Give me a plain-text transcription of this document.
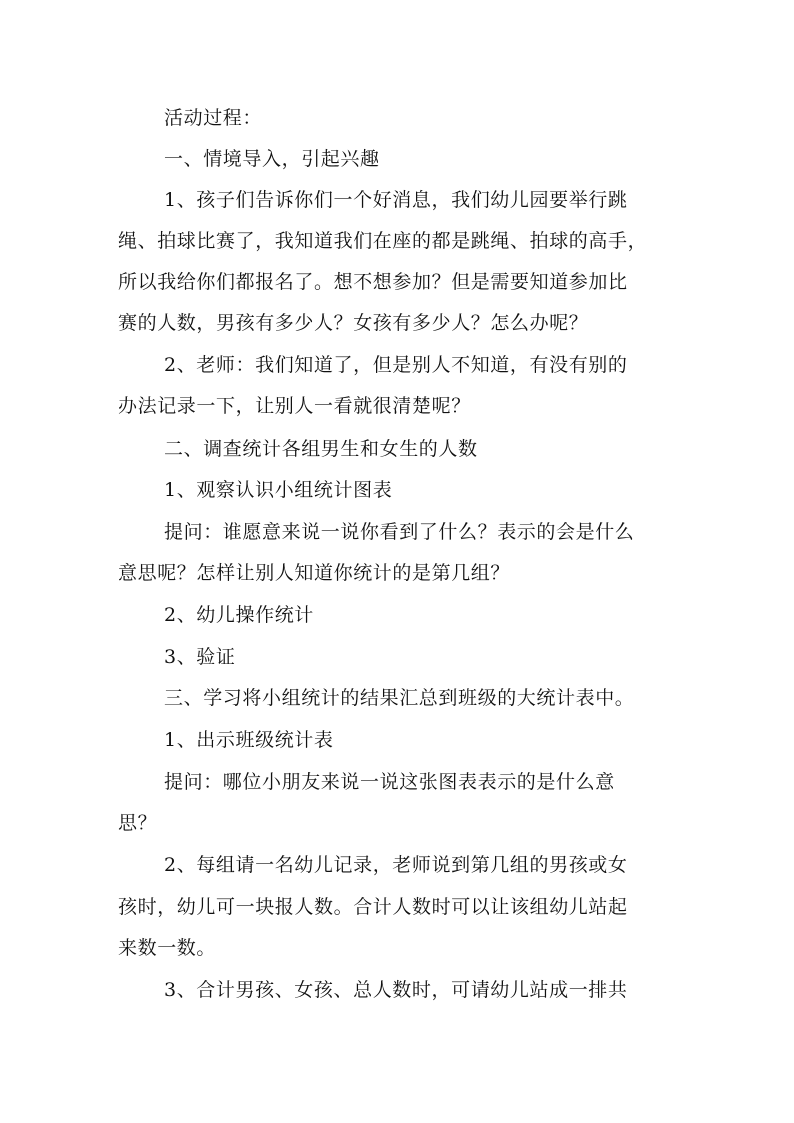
活动过程：
一、情境导入，引起兴趣
1、孩子们告诉你们一个好消息，我们幼儿园要举行跳
绳、拍球比赛了，我知道我们在座的都是跳绳、拍球的高手，
所以我给你们都报名了。想不想参加？但是需要知道参加比
赛的人数，男孩有多少人？女孩有多少人？怎么办呢？
2、老师：我们知道了，但是别人不知道，有没有别的
办法记录一下，让别人一看就很清楚呢？
二、调查统计各组男生和女生的人数
1、观察认识小组统计图表
提问：谁愿意来说一说你看到了什么？表示的会是什么
意思呢？怎样让别人知道你统计的是第几组？
2、幼儿操作统计
3、验证
三、学习将小组统计的结果汇总到班级的大统计表中。
1、出示班级统计表
提问：哪位小朋友来说一说这张图表表示的是什么意
思？
2、每组请一名幼儿记录，老师说到第几组的男孩或女
孩时，幼儿可一块报人数。合计人数时可以让该组幼儿站起
来数一数。
3、合计男孩、女孩、总人数时，可请幼儿站成一排共
